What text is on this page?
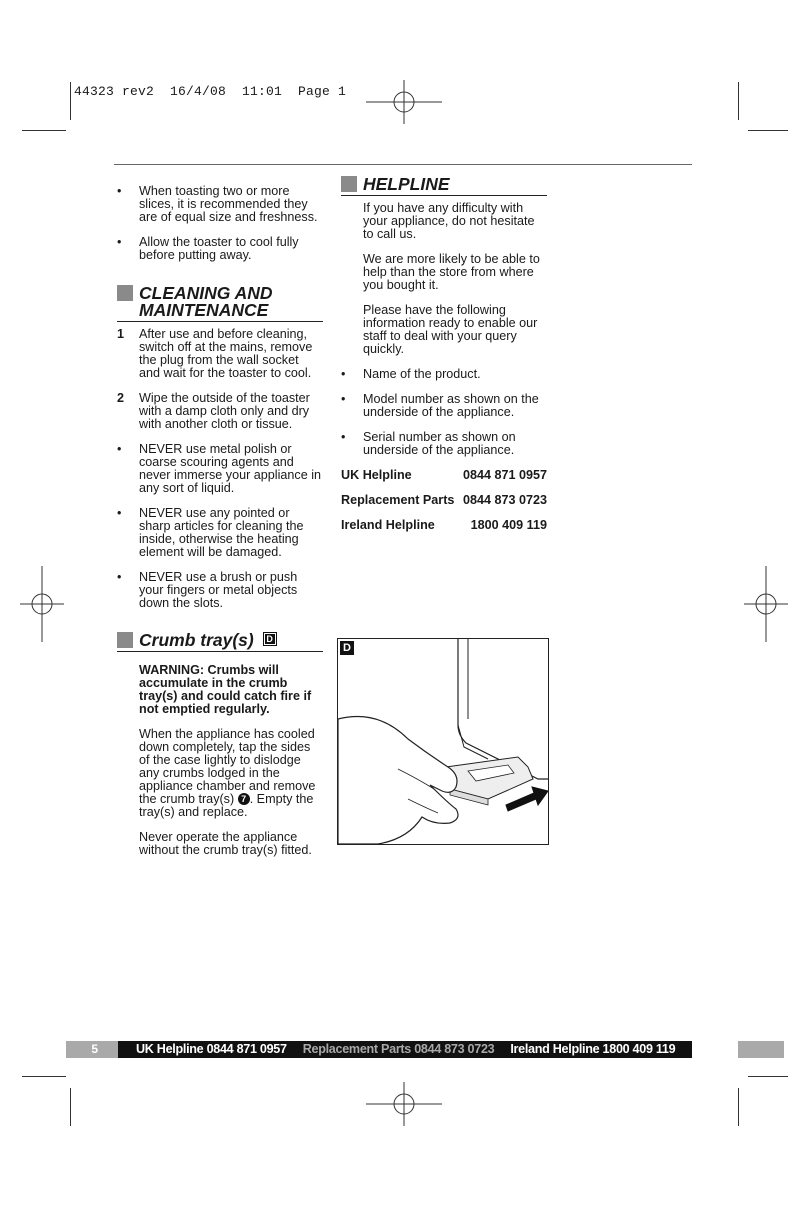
44323 rev2  16/4/08  11:01  Page 1
• When toasting two or more slices, it is recommended they are of equal size and freshness.
• Allow the toaster to cool fully before putting away.
CLEANING AND
MAINTENANCE
1 After use and before cleaning, switch off at the mains, remove the plug from the wall socket and wait for the toaster to cool.
2 Wipe the outside of the toaster with a damp cloth only and dry with another cloth or tissue.
• NEVER use metal polish or coarse scouring agents and never immerse your appliance in any sort of liquid.
• NEVER use any pointed or sharp articles for cleaning the inside, otherwise the heating element will be damaged.
• NEVER use a brush or push your fingers or metal objects down the slots.
Crumb tray(s) D
WARNING: Crumbs will accumulate in the crumb tray(s) and could catch fire if not emptied regularly.
When the appliance has cooled down completely, tap the sides of the case lightly to dislodge any crumbs lodged in the appliance chamber and remove the crumb tray(s) 7 . Empty the tray(s) and replace.
Never operate the appliance without the crumb tray(s) fitted.
HELPLINE
If you have any difficulty with your appliance, do not hesitate to call us.
We are more likely to be able to help than the store from where you bought it.
Please have the following information ready to enable our staff to deal with your query quickly.
• Name of the product.
• Model number as shown on the underside of the appliance.
• Serial number as shown on underside of the appliance.
UK Helpline	0844 871 0957
Replacement Parts 0844 873 0723
Ireland Helpline	1800 409 119
D
5	UK Helpline 0844 871 0957 Replacement Parts 0844 873 0723 Ireland Helpline 1800 409 119
